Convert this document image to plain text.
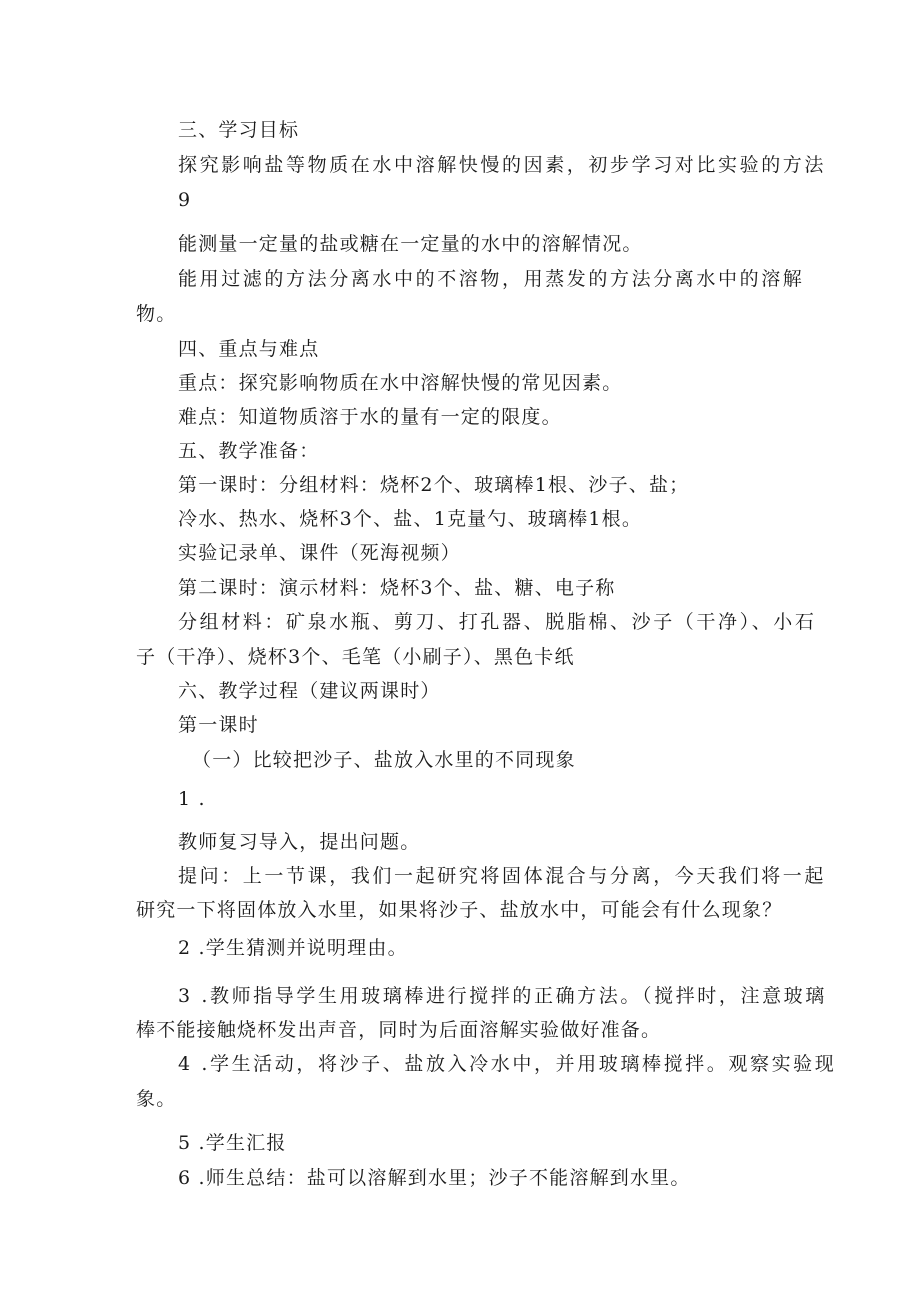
三、学习目标
探究影响盐等物质在水中溶解快慢的因素，初步学习对比实验的方法
9
能测量一定量的盐或糖在一定量的水中的溶解情况。
能用过滤的方法分离水中的不溶物，用蒸发的方法分离水中的溶解
物。
四、重点与难点
重点：探究影响物质在水中溶解快慢的常见因素。
难点：知道物质溶于水的量有一定的限度。
五、教学准备：
第一课时：分组材料：烧杯2个、玻璃棒1根、沙子、盐；
冷水、热水、烧杯3个、盐、1克量勺、玻璃棒1根。
实验记录单、课件（死海视频）
第二课时：演示材料：烧杯3个、盐、糖、电子称
分组材料：矿泉水瓶、剪刀、打孔器、脱脂棉、沙子（干净）、小石
子（干净）、烧杯3个、毛笔（小刷子）、黑色卡纸
六、教学过程（建议两课时）
第一课时
（一）比较把沙子、盐放入水里的不同现象
1 .
教师复习导入，提出问题。
提问：上一节课，我们一起研究将固体混合与分离，今天我们将一起
研究一下将固体放入水里，如果将沙子、盐放水中，可能会有什么现象？
2 .学生猜测并说明理由。
3 .教师指导学生用玻璃棒进行搅拌的正确方法。（搅拌时，注意玻璃
棒不能接触烧杯发出声音，同时为后面溶解实验做好准备。
4 .学生活动，将沙子、盐放入冷水中，并用玻璃棒搅拌。观察实验现
象。
5 .学生汇报
6 .师生总结：盐可以溶解到水里；沙子不能溶解到水里。
